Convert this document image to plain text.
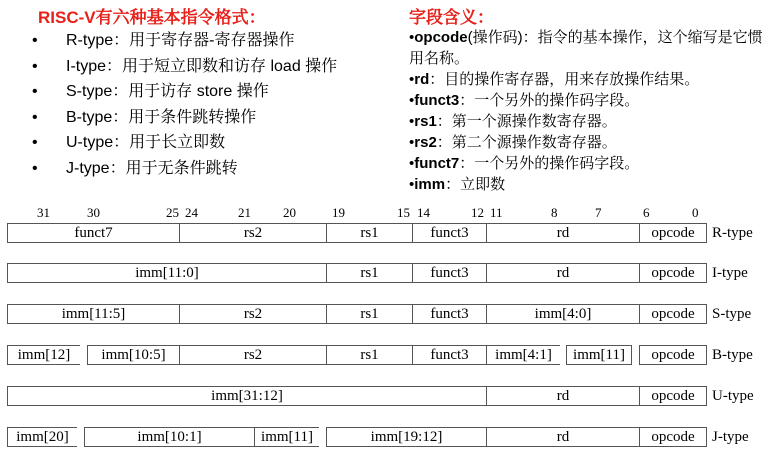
RISC-V有六种基本指令格式：
• R-type：用于寄存器-寄存器操作
• I-type：用于短立即数和访存 load 操作
• S-type：用于访存 store 操作
• B-type：用于条件跳转操作
• U-type：用于长立即数
• J-type：用于无条件跳转
字段含义：
•opcode(操作码)：指令的基本操作，这个缩写是它惯用名称。
•rd：目的操作寄存器，用来存放操作结果。
•funct3：一个另外的操作码字段。
•rs1：第一个源操作数寄存器。
•rs2：第二个源操作数寄存器。
•funct7：一个另外的操作码字段。
•imm：立即数
31	30	25 24	21 20	19	15 14	12 11	8	7	6	0
funct7	rs2	rs1	funct3	rd	opcode	R-type
imm[11:0]	rs1	funct3	rd	opcode	I-type
imm[11:5]	rs2	rs1	funct3	imm[4:0]	opcode	S-type
imm[12]	imm[10:5]	rs2	rs1	funct3	imm[4:1]	imm[11]	opcode	B-type
imm[31:12]	rd	opcode	U-type
imm[20]	imm[10:1]	imm[11]	imm[19:12]	rd	opcode	J-type
